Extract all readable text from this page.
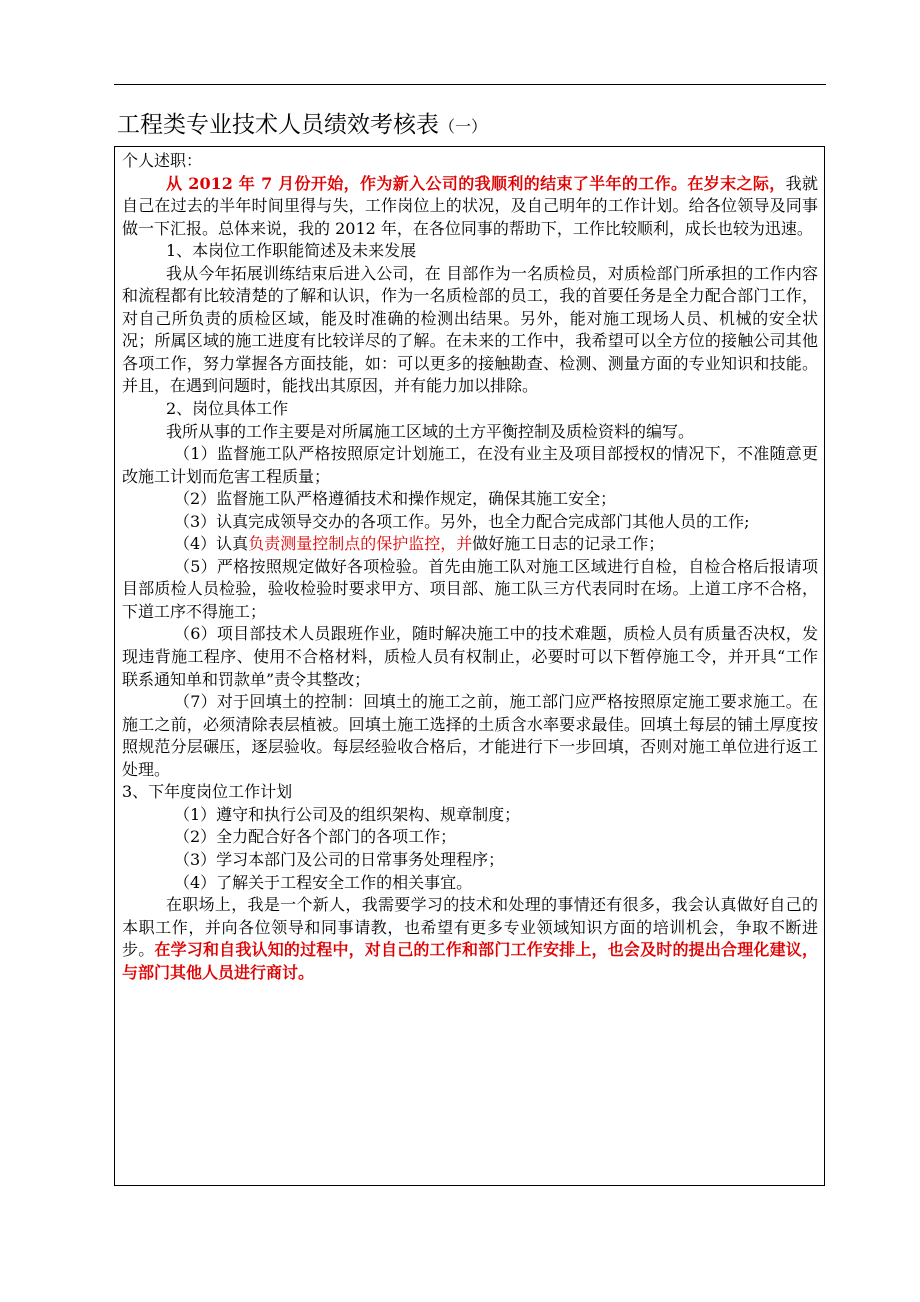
工程类专业技术人员绩效考核表（一）

个人述职：

从 2012 年 7 月份开始，作为新入公司的我顺利的结束了半年的工作。在岁末之际，我就自己在过去的半年时间里得与失，工作岗位上的状况，及自己明年的工作计划。给各位领导及同事做一下汇报。总体来说，我的 2012 年，在各位同事的帮助下，工作比较顺利，成长也较为迅速。

1、本岗位工作职能简述及未来发展

我从今年拓展训练结束后进入公司，在 目部作为一名质检员，对质检部门所承担的工作内容和流程都有比较清楚的了解和认识，作为一名质检部的员工，我的首要任务是全力配合部门工作，对自己所负责的质检区域，能及时准确的检测出结果。另外，能对施工现场人员、机械的安全状况；所属区域的施工进度有比较详尽的了解。在未来的工作中，我希望可以全方位的接触公司其他各项工作，努力掌握各方面技能，如：可以更多的接触勘查、检测、测量方面的专业知识和技能。并且，在遇到问题时，能找出其原因，并有能力加以排除。

2、岗位具体工作

我所从事的工作主要是对所属施工区域的土方平衡控制及质检资料的编写。

（1）监督施工队严格按照原定计划施工，在没有业主及项目部授权的情况下，不准随意更改施工计划而危害工程质量；

（2）监督施工队严格遵循技术和操作规定，确保其施工安全；

（3）认真完成领导交办的各项工作。另外，也全力配合完成部门其他人员的工作;

（4）认真负责测量控制点的保护监控，并做好施工日志的记录工作；

（5）严格按照规定做好各项检验。首先由施工队对施工区域进行自检，自检合格后报请项目部质检人员检验，验收检验时要求甲方、项目部、施工队三方代表同时在场。上道工序不合格，下道工序不得施工；

（6）项目部技术人员跟班作业，随时解决施工中的技术难题，质检人员有质量否决权，发现违背施工程序、使用不合格材料，质检人员有权制止，必要时可以下暂停施工令，并开具“工作联系通知单和罚款单”责令其整改；

（7）对于回填土的控制：回填土的施工之前，施工部门应严格按照原定施工要求施工。在施工之前，必须清除表层植被。回填土施工选择的土质含水率要求最佳。回填土每层的铺土厚度按照规范分层碾压，逐层验收。每层经验收合格后，才能进行下一步回填，否则对施工单位进行返工处理。

3、下年度岗位工作计划

（1）遵守和执行公司及的组织架构、规章制度；

（2）全力配合好各个部门的各项工作；

（3）学习本部门及公司的日常事务处理程序；

（4）了解关于工程安全工作的相关事宜。

在职场上，我是一个新人，我需要学习的技术和处理的事情还有很多，我会认真做好自己的本职工作，并向各位领导和同事请教，也希望有更多专业领域知识方面的培训机会，争取不断进步。在学习和自我认知的过程中，对自己的工作和部门工作安排上，也会及时的提出合理化建议，与部门其他人员进行商讨。
